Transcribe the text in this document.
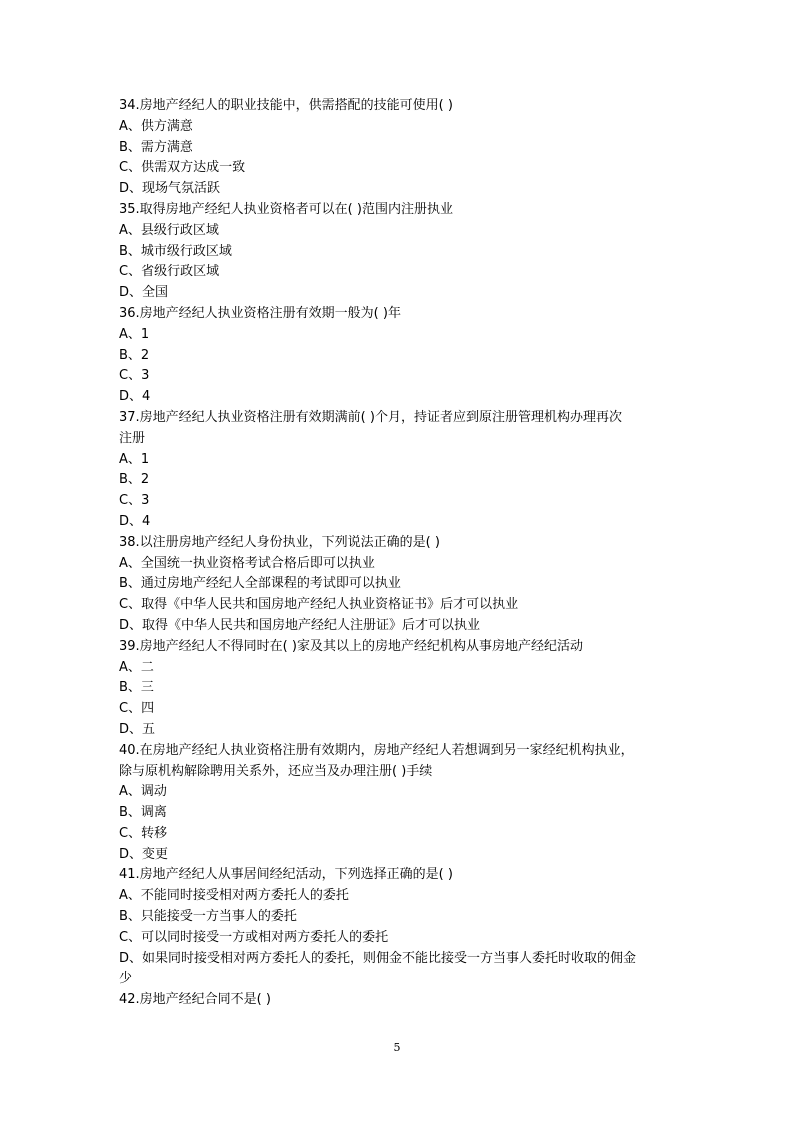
34.房地产经纪人的职业技能中，供需搭配的技能可使用( )
A、供方满意
B、需方满意
C、供需双方达成一致
D、现场气氛活跃
35.取得房地产经纪人执业资格者可以在( )范围内注册执业
A、县级行政区域
B、城市级行政区域
C、省级行政区域
D、全国
36.房地产经纪人执业资格注册有效期一般为( )年
A、1
B、2
C、3
D、4
37.房地产经纪人执业资格注册有效期满前( )个月，持证者应到原注册管理机构办理再次
注册
A、1
B、2
C、3
D、4
38.以注册房地产经纪人身份执业，下列说法正确的是( )
A、全国统一执业资格考试合格后即可以执业
B、通过房地产经纪人全部课程的考试即可以执业
C、取得《中华人民共和国房地产经纪人执业资格证书》后才可以执业
D、取得《中华人民共和国房地产经纪人注册证》后才可以执业
39.房地产经纪人不得同时在( )家及其以上的房地产经纪机构从事房地产经纪活动
A、二
B、三
C、四
D、五
40.在房地产经纪人执业资格注册有效期内，房地产经纪人若想调到另一家经纪机构执业，
除与原机构解除聘用关系外，还应当及办理注册( )手续
A、调动
B、调离
C、转移
D、变更
41.房地产经纪人从事居间经纪活动，下列选择正确的是( )
A、不能同时接受相对两方委托人的委托
B、只能接受一方当事人的委托
C、可以同时接受一方或相对两方委托人的委托
D、如果同时接受相对两方委托人的委托，则佣金不能比接受一方当事人委托时收取的佣金
少
42.房地产经纪合同不是( )
5
